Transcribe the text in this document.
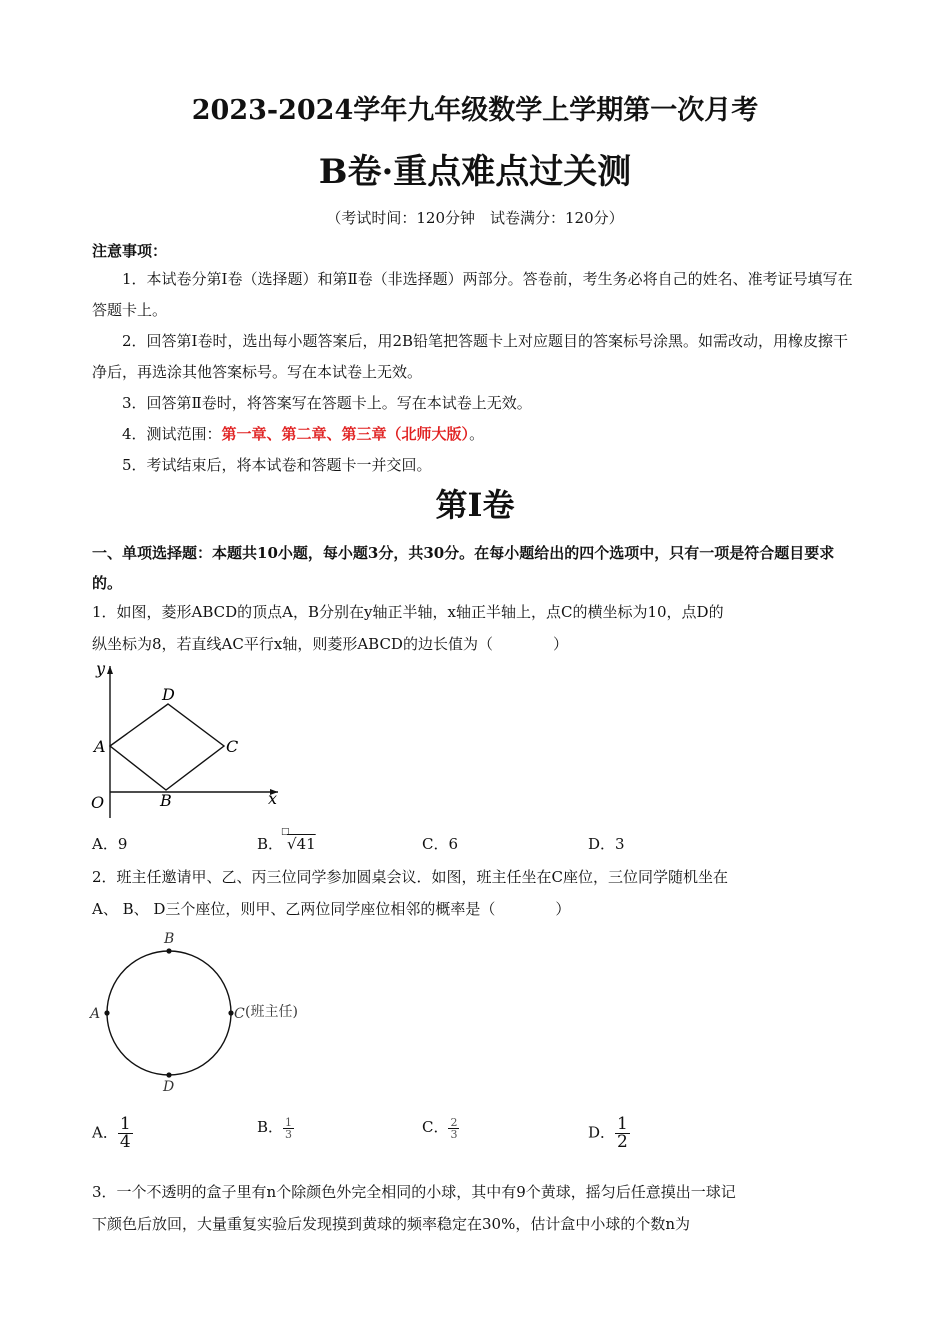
2023-2024学年九年级数学上学期第一次月考
B卷·重点难点过关测
（考试时间：120分钟　试卷满分：120分）
注意事项：

1．本试卷分第Ⅰ卷（选择题）和第Ⅱ卷（非选择题）两部分。答卷前，考生务必将自己的姓名、准考证号填写在答题卡上。

2．回答第Ⅰ卷时，选出每小题答案后，用2B铅笔把答题卡上对应题目的答案标号涂黑。如需改动，用橡皮擦干净后，再选涂其他答案标号。写在本试卷上无效。

3．回答第Ⅱ卷时，将答案写在答题卡上。写在本试卷上无效。

4．测试范围：第一章、第二章、第三章（北师大版）。

5．考试结束后，将本试卷和答题卡一并交回。

第Ⅰ卷
一、单项选择题：本题共10小题，每小题3分，共30分。在每小题给出的四个选项中，只有一项是符合题目要求的。
1．如图，菱形ABCD的顶点A，B分别在y轴正半轴，x轴正半轴上，点C的横坐标为10，点D的
纵坐标为8，若直线AC平行x轴，则菱形ABCD的边长值为（　　　　）
y
x
O
A
B
C
D
A．9	B．
□
√41	C．6	D．3
2．班主任邀请甲、乙、丙三位同学参加圆桌会议．如图，班主任坐在C座位，三位同学随机坐在
A、 B、 D三个座位，则甲、乙两位同学座位相邻的概率是（　　　　）
B
A	C (班主任)
D
A． $\frac{1}{4}$	B． $\frac{1}{3}$	C． $\frac{2}{3}$	D． $\frac{1}{2}$
3．一个不透明的盒子里有n个除颜色外完全相同的小球，其中有9个黄球，摇匀后任意摸出一球记
下颜色后放回，大量重复实验后发现摸到黄球的频率稳定在30%，估计盒中小球的个数n为
